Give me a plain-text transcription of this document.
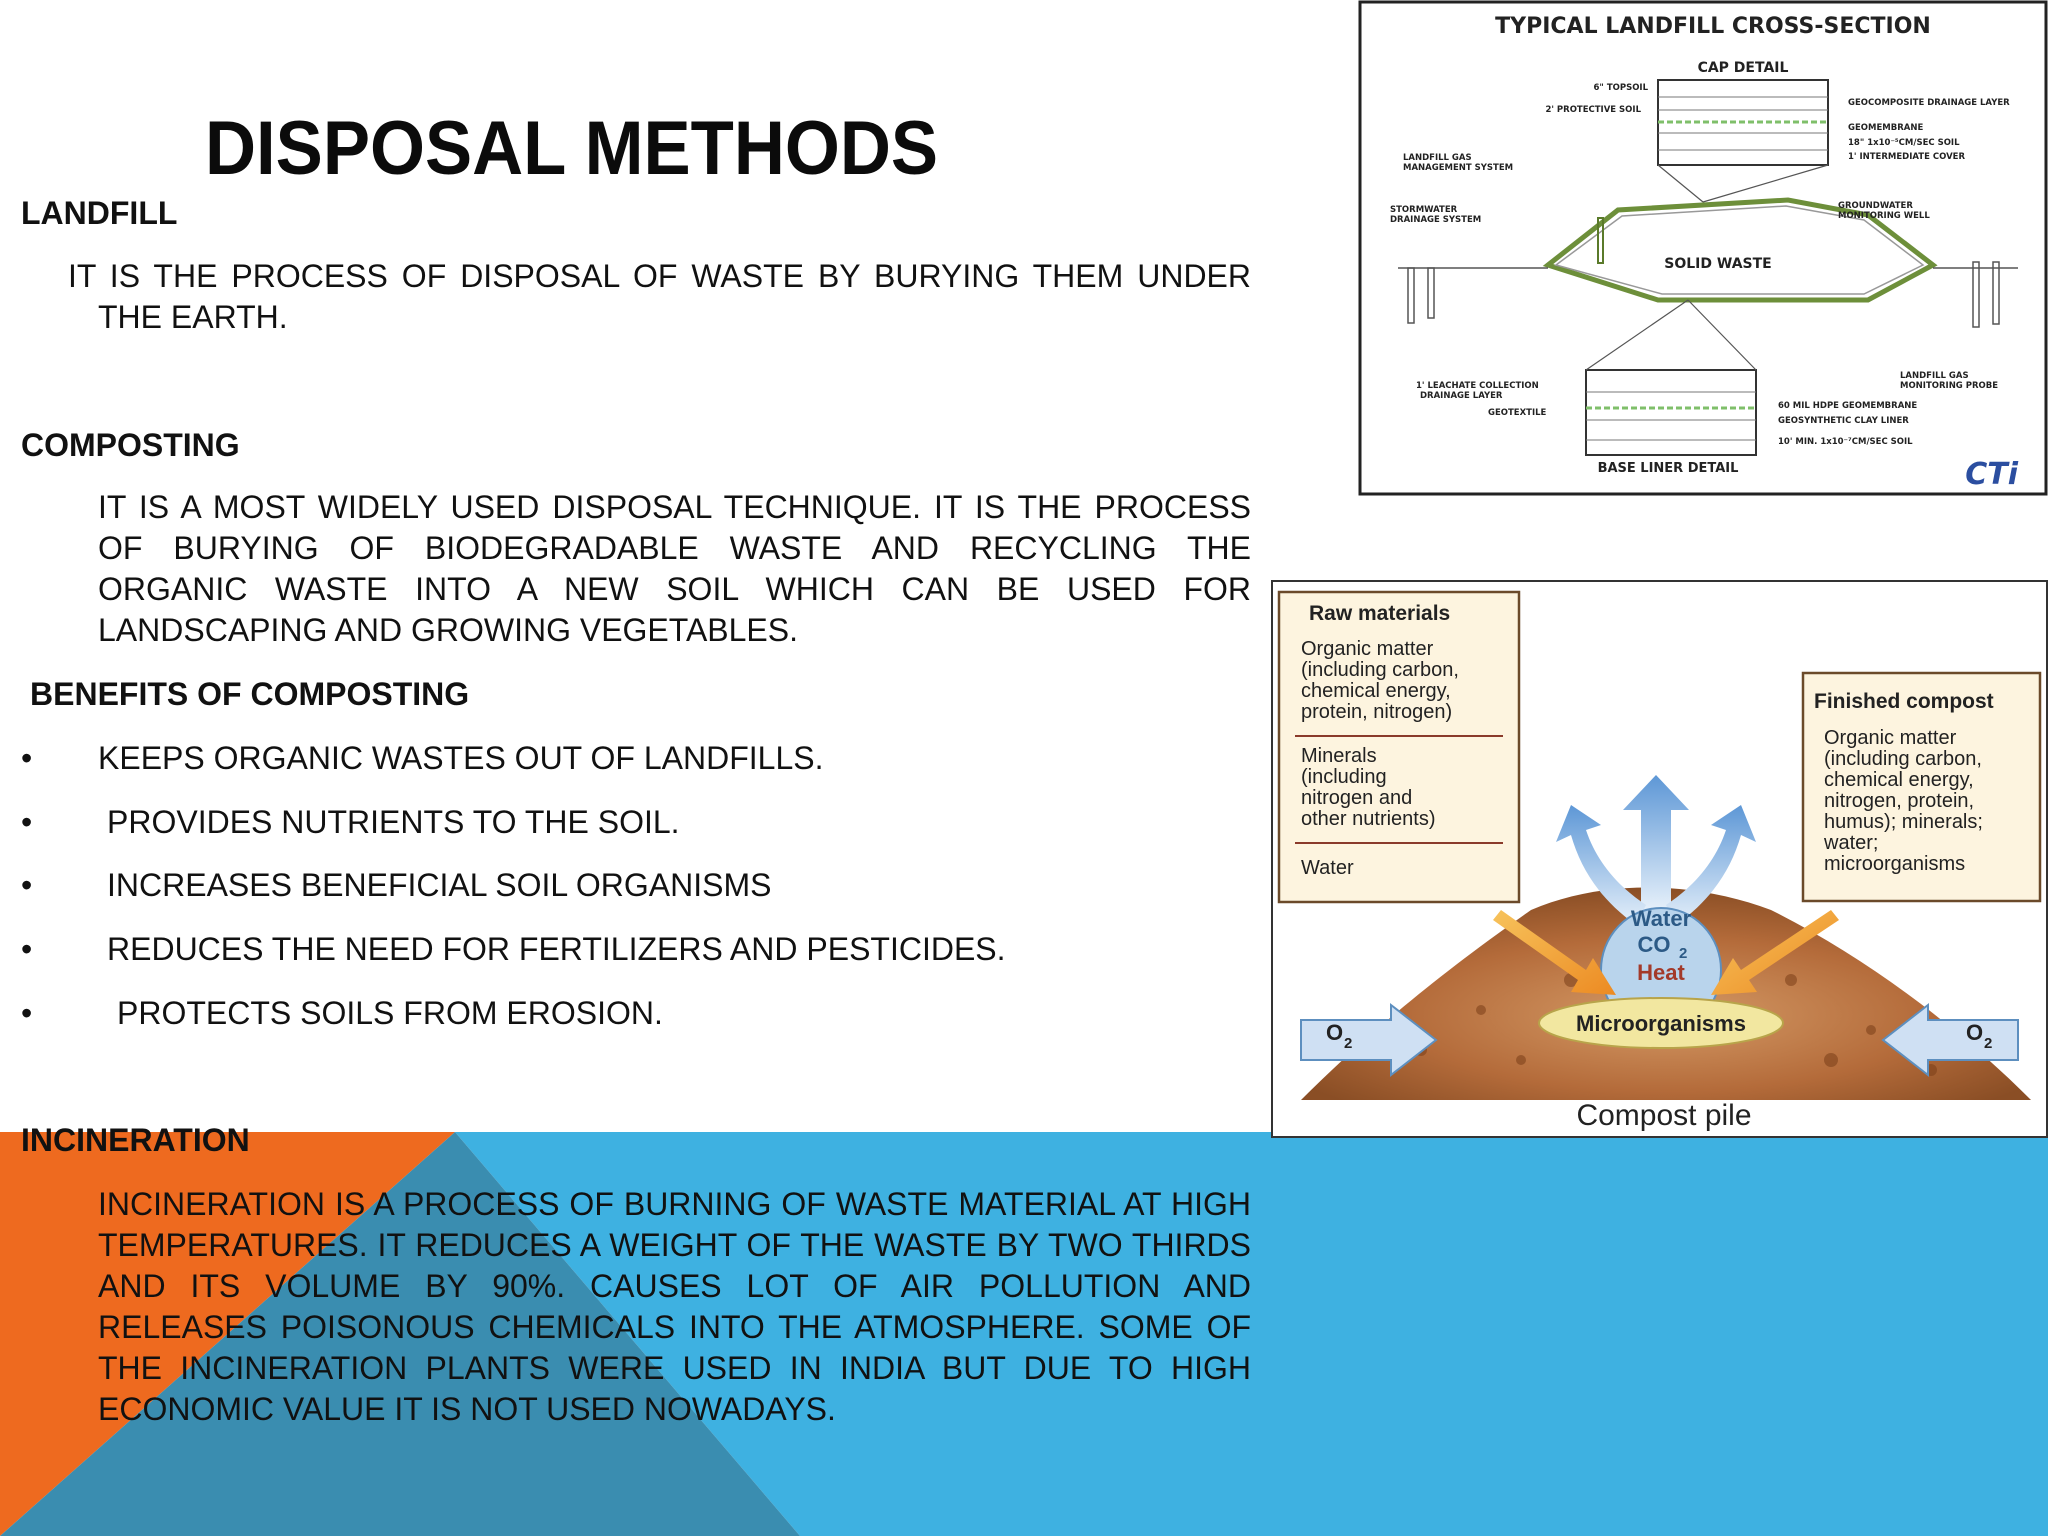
DISPOSAL METHODS
LANDFILL
IT IS THE PROCESS OF DISPOSAL OF WASTE BY BURYING THEM UNDER THE EARTH.
COMPOSTING
IT IS A MOST WIDELY USED DISPOSAL TECHNIQUE. IT IS THE PROCESS OF BURYING OF BIODEGRADABLE WASTE AND RECYCLING THE ORGANIC WASTE INTO A NEW SOIL WHICH CAN BE USED FOR LANDSCAPING AND GROWING VEGETABLES.
BENEFITS OF COMPOSTING
• KEEPS ORGANIC WASTES OUT OF LANDFILLS.
• PROVIDES NUTRIENTS TO THE SOIL.
• INCREASES BENEFICIAL SOIL ORGANISMS
• REDUCES THE NEED FOR FERTILIZERS AND PESTICIDES.
•	PROTECTS SOILS FROM EROSION.
INCINERATION
INCINERATION IS A PROCESS OF BURNING OF WASTE MATERIAL AT HIGH TEMPERATURES. IT REDUCES A WEIGHT OF THE WASTE BY TWO THIRDS AND ITS VOLUME BY 90%. CAUSES LOT OF AIR POLLUTION AND RELEASES POISONOUS CHEMICALS INTO THE ATMOSPHERE. SOME OF THE INCINERATION PLANTS WERE USED IN INDIA BUT DUE TO HIGH ECONOMIC VALUE IT IS NOT USED NOWADAYS.
TYPICAL LANDFILL CROSS-SECTION
CAP DETAIL
SOLID WASTE
BASE LINER DETAIL
6" TOPSOIL
2' PROTECTIVE SOIL
LANDFILL GAS
MANAGEMENT SYSTEM
STORMWATER
DRAINAGE SYSTEM
GEOCOMPOSITE DRAINAGE LAYER
GEOMEMBRANE
18" 1x10⁻⁵CM/SEC SOIL
1' INTERMEDIATE COVER
GROUNDWATER
MONITORING WELL
1' LEACHATE COLLECTION
DRAINAGE LAYER
GEOTEXTILE
LANDFILL GAS
MONITORING PROBE
60 MIL HDPE GEOMEMBRANE
GEOSYNTHETIC CLAY LINER
10' MIN. 1x10⁻⁷CM/SEC SOIL
CTi
Water
CO 2
Heat
Microorganisms
O 2	O 2
Raw materials
Organic matter
(including carbon,
chemical energy,
protein, nitrogen)
Minerals
(including
nitrogen and
other nutrients)
Water
Finished compost
Organic matter
(including carbon,
chemical energy,
nitrogen, protein,
humus); minerals;
water;
microorganisms
Compost pile
